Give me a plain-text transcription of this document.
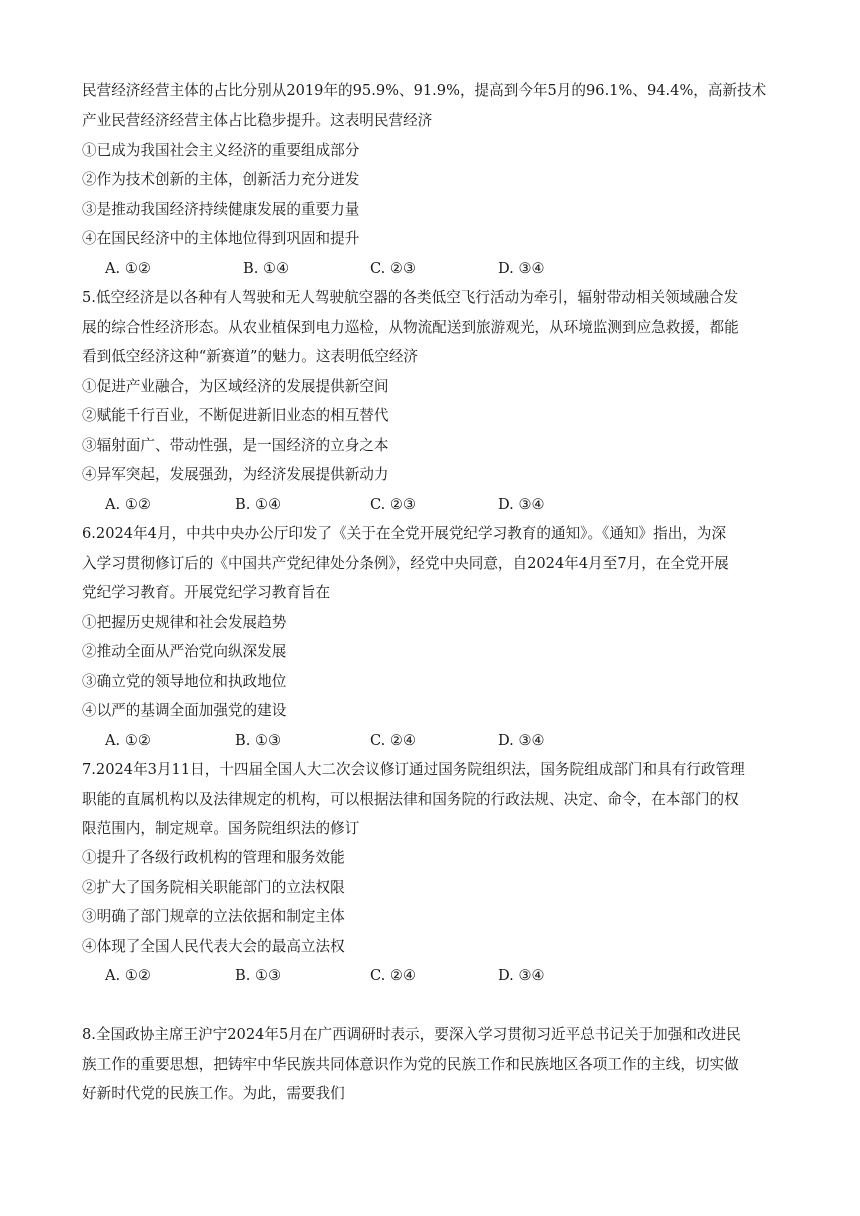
民营经济经营主体的占比分别从2019年的95.9%、91.9%，提高到今年5月的96.1%、94.4%，高新技术
产业民营经济经营主体占比稳步提升。这表明民营经济
①已成为我国社会主义经济的重要组成部分
②作为技术创新的主体，创新活力充分迸发
③是推动我国经济持续健康发展的重要力量
④在国民经济中的主体地位得到巩固和提升
A. ①②	B. ①④	C. ②③	D. ③④
5.低空经济是以各种有人驾驶和无人驾驶航空器的各类低空飞行活动为牵引，辐射带动相关领域融合发
展的综合性经济形态。从农业植保到电力巡检，从物流配送到旅游观光，从环境监测到应急救援，都能
看到低空经济这种“新赛道”的魅力。这表明低空经济
①促进产业融合，为区域经济的发展提供新空间
②赋能千行百业，不断促进新旧业态的相互替代
③辐射面广、带动性强，是一国经济的立身之本
④异军突起，发展强劲，为经济发展提供新动力
A. ①②	B. ①④	C. ②③	D. ③④
6.2024年4月，中共中央办公厅印发了《关于在全党开展党纪学习教育的通知》。《通知》指出，为深
入学习贯彻修订后的《中国共产党纪律处分条例》，经党中央同意，自2024年4月至7月，在全党开展
党纪学习教育。开展党纪学习教育旨在
①把握历史规律和社会发展趋势
②推动全面从严治党向纵深发展
③确立党的领导地位和执政地位
④以严的基调全面加强党的建设
A. ①②	B. ①③	C. ②④	D. ③④
7.2024年3月11日，十四届全国人大二次会议修订通过国务院组织法，国务院组成部门和具有行政管理
职能的直属机构以及法律规定的机构，可以根据法律和国务院的行政法规、决定、命令，在本部门的权
限范围内，制定规章。国务院组织法的修订
①提升了各级行政机构的管理和服务效能
②扩大了国务院相关职能部门的立法权限
③明确了部门规章的立法依据和制定主体
④体现了全国人民代表大会的最高立法权
A. ①②	B. ①③	C. ②④	D. ③④
8.全国政协主席王沪宁2024年5月在广西调研时表示，要深入学习贯彻习近平总书记关于加强和改进民
族工作的重要思想，把铸牢中华民族共同体意识作为党的民族工作和民族地区各项工作的主线，切实做
好新时代党的民族工作。为此，需要我们
